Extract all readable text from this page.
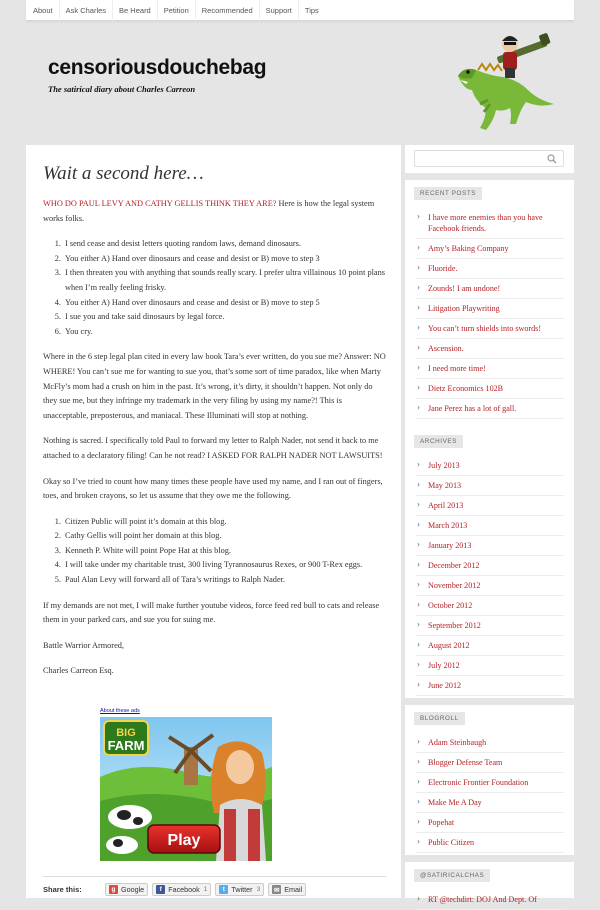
About	Ask Charles	Be Heard	Petition	Recommended	Support	Tips
censoriousdouchebag
The satirical diary about Charles Carreon
Wait a second here…

WHO DO PAUL LEVY AND CATHY GELLIS THINK THEY ARE? Here is how the legal system works folks.

1. I send cease and desist letters quoting random laws, demand dinosaurs.
2. You either A) Hand over dinosaurs and cease and desist or B) move to step 3
3. I then threaten you with anything that sounds really scary. I prefer ultra villainous 10 point plans when I’m really feeling frisky.
4. You either A) Hand over dinosaurs and cease and desist or B) move to step 5
5. I sue you and take said dinosaurs by legal force.
6. You cry.

Where in the 6 step legal plan cited in every law book Tara’s ever written, do you sue me? Answer: NO WHERE! You can’t sue me for wanting to sue you, that’s some sort of time paradox, like when Marty McFly’s mom had a crush on him in the past. It’s wrong, it’s dirty, it shouldn’t happen. Not only do they sue me, but they infringe my trademark in the very filing by using my name?! This is unacceptable, preposterous, and maniacal. These Illuminati will stop at nothing.

Nothing is sacred. I specifically told Paul to forward my letter to Ralph Nader, not send it back to me attached to a declaratory filing! Can he not read? I ASKED FOR RALPH NADER NOT LAWSUITS!

Okay so I’ve tried to count how many times these people have used my name, and I ran out of fingers, toes, and broken crayons, so let us assume that they owe me the following.

1. Citizen Public will point it’s domain at this blog.
2. Cathy Gellis will point her domain at this blog.
3. Kenneth P. White will point Pope Hat at this blog.
4. I will take under my charitable trust, 300 living Tyrannosaurus Rexes, or 900 T-Rex eggs.
5. Paul Alan Levy will forward all of Tara’s writings to Ralph Nader.

If my demands are not met, I will make further youtube videos, force feed red bull to cats and release them in your parked cars, and sue you for suing me.

Battle Warrior Armored,

Charles Carreon Esq.

About these ads
BIG
FARM
Play
Share this:	g Google	f Facebook 1	t Twitter 3 ✉ Email
RECENT POSTS
› I have more enemies than you have Facebook friends.
› Amy’s Baking Company
› Fluoride.
› Zounds! I am undone!
› Litigation Playwriting
› You can’t turn shields into swords!
› Ascension.
› I need more time!
› Dietz Economics 102B
› Jane Perez has a lot of gall.
ARCHIVES
› July 2013
› May 2013
› April 2013
› March 2013
› January 2013
› December 2012
› November 2012
› October 2012
› September 2012
› August 2012
› July 2012
› June 2012
BLOGROLL
› Adam Steinbaugh
› Blogger Defense Team
› Electronic Frontier Foundation
› Make Me A Day
› Popehat
› Public Citizen
@SATIRICALCHAS
› RT @techdirt: DOJ And Dept. Of
